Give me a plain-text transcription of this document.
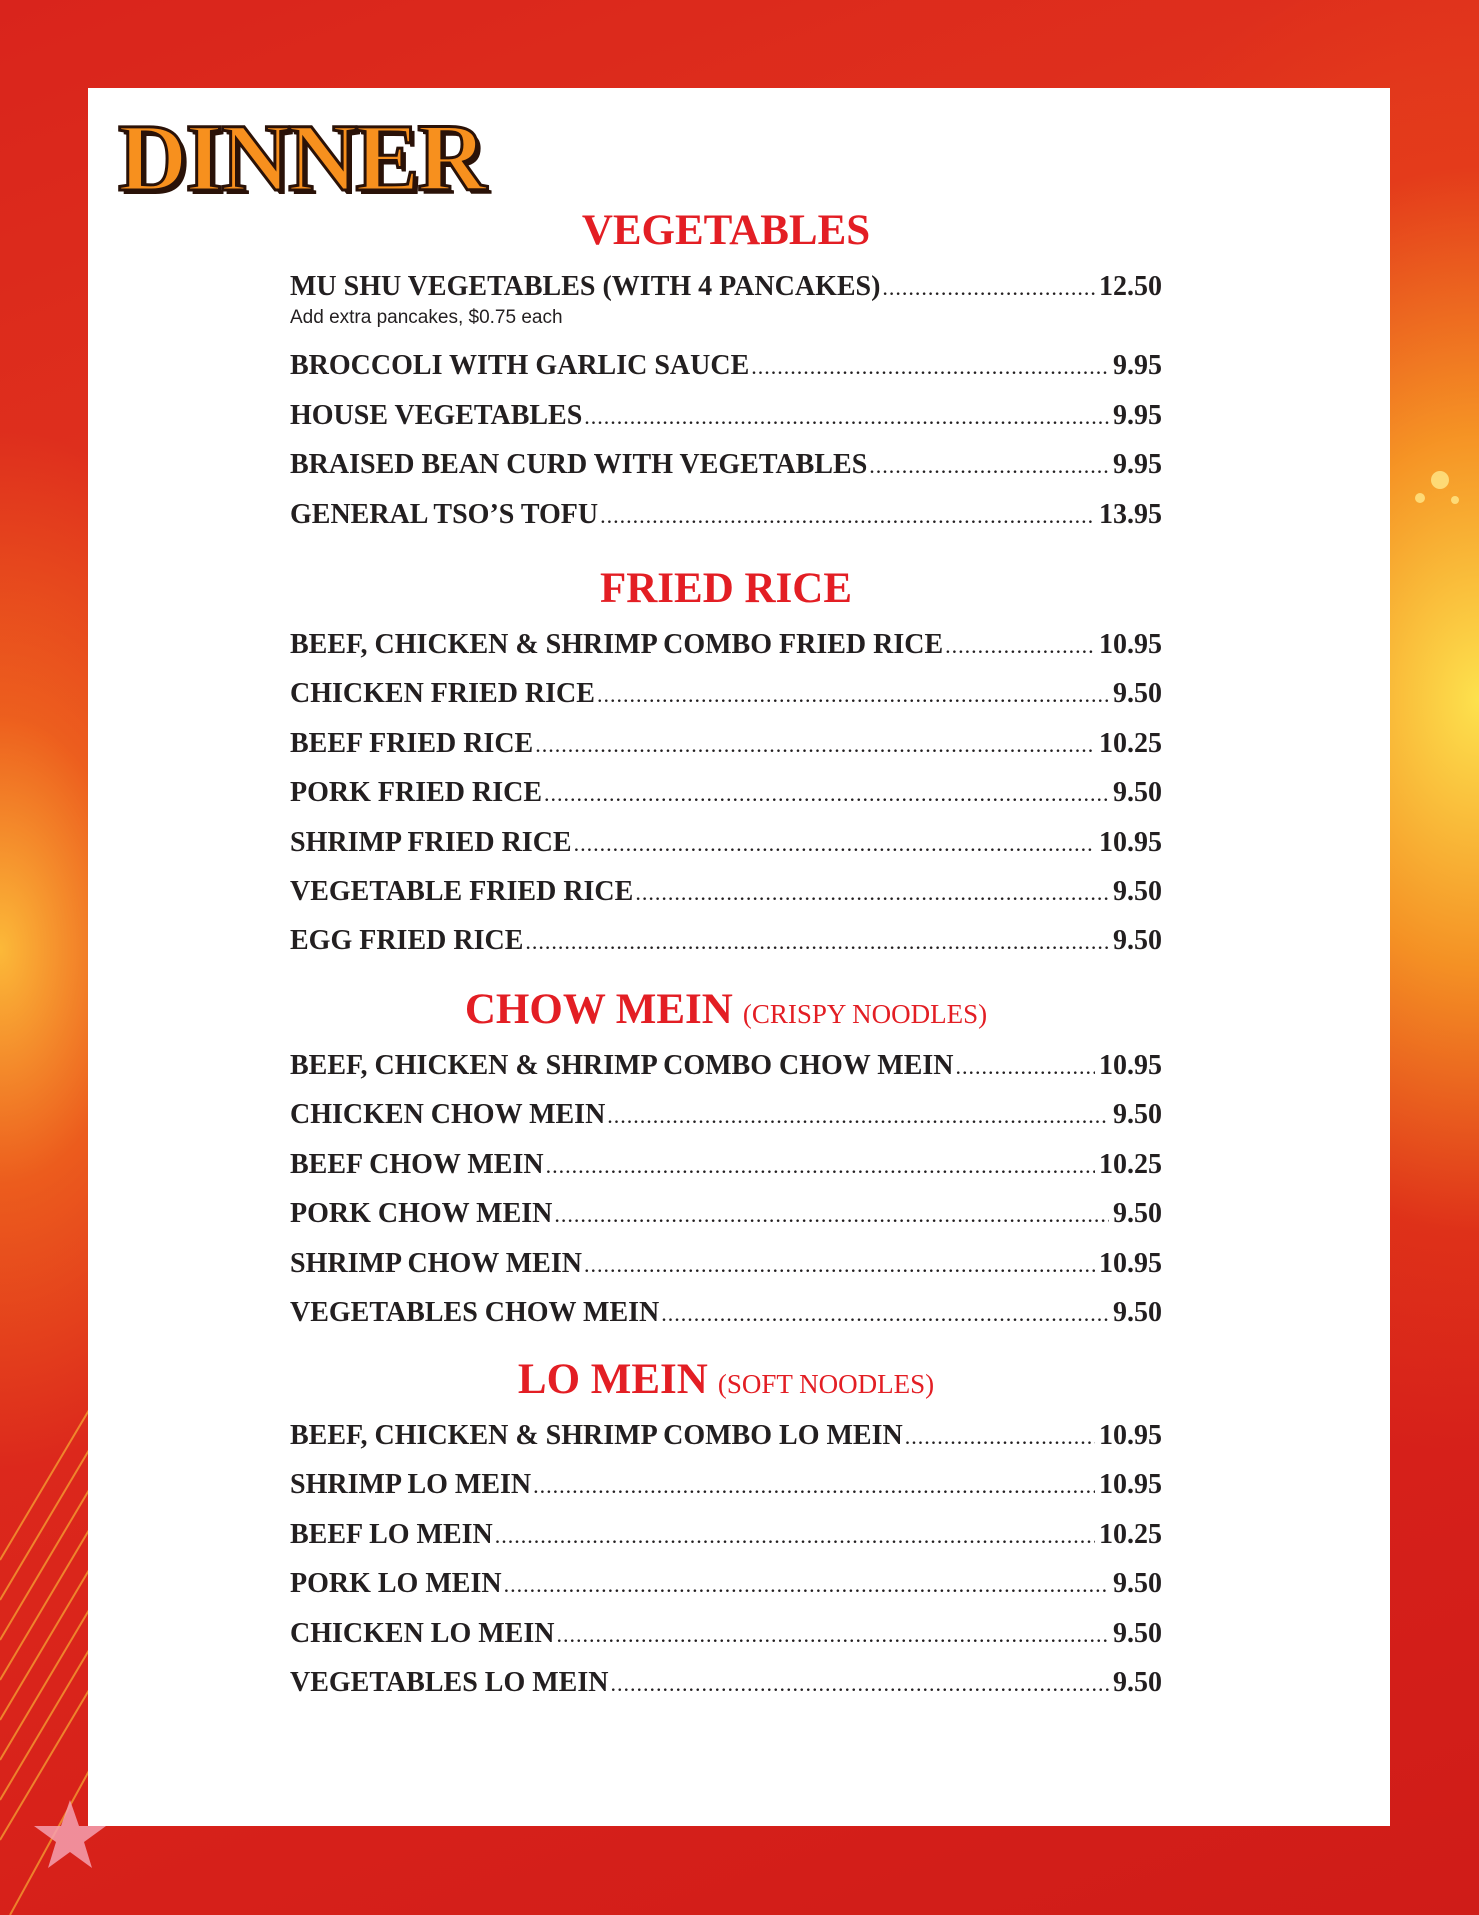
DINNER
VEGETABLES
MU SHU VEGETABLES (WITH 4 PANCAKES) .....	12.50
Add extra pancakes, $0.75 each
BROCCOLI WITH GARLIC SAUCE .....	9.95
HOUSE VEGETABLES .....	9.95
BRAISED BEAN CURD WITH VEGETABLES .....	9.95
GENERAL TSO’S TOFU .....	13.95
FRIED RICE
BEEF, CHICKEN & SHRIMP COMBO FRIED RICE .....	10.95
CHICKEN FRIED RICE .....	9.50
BEEF FRIED RICE .....	10.25
PORK FRIED RICE .....	9.50
SHRIMP FRIED RICE .....	10.95
VEGETABLE FRIED RICE .....	9.50
EGG FRIED RICE .....	9.50
CHOW MEIN (CRISPY NOODLES)
BEEF, CHICKEN & SHRIMP COMBO CHOW MEIN .....	10.95
CHICKEN CHOW MEIN .....	9.50
BEEF CHOW MEIN .....	10.25
PORK CHOW MEIN .....	9.50
SHRIMP CHOW MEIN .....	10.95
VEGETABLES CHOW MEIN .....	9.50
LO MEIN (SOFT NOODLES)
BEEF, CHICKEN & SHRIMP COMBO LO MEIN .....	10.95
SHRIMP LO MEIN .....	10.95
BEEF LO MEIN .....	10.25
PORK LO MEIN .....	9.50
CHICKEN LO MEIN .....	9.50
VEGETABLES LO MEIN .....	9.50
